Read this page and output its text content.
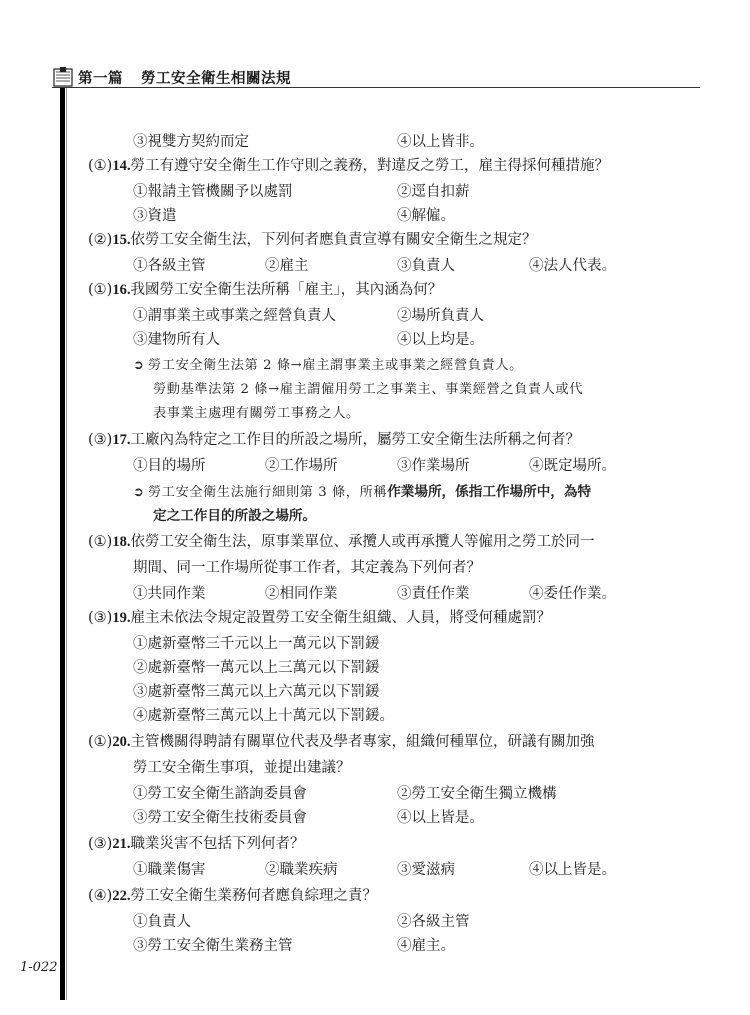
第一篇 勞工安全衛生相關法規
1-022
③視雙方契約而定	④以上皆非。
(①)14.勞工有遵守安全衛生工作守則之義務，對違反之勞工，雇主得採何種措施？
①報請主管機關予以處罰	②逕自扣薪
③資遣	④解僱。
(②)15.依勞工安全衛生法，下列何者應負責宣導有關安全衛生之規定？
①各級主管	②雇主	③負責人	④法人代表。
(①)16.我國勞工安全衛生法所稱「雇主」，其內涵為何？
①謂事業主或事業之經營負責人	②場所負責人
③建物所有人	④以上均是。
➲ 勞工安全衛生法第 2 條→雇主謂事業主或事業之經營負責人。
勞動基準法第 2 條→雇主謂僱用勞工之事業主、事業經營之負責人或代
表事業主處理有關勞工事務之人。
(③)17.工廠內為特定之工作目的所設之場所，屬勞工安全衛生法所稱之何者？
①目的場所	②工作場所	③作業場所	④既定場所。
➲ 勞工安全衛生法施行細則第 3 條，所稱作業場所，係指工作場所中，為特
定之工作目的所設之場所。
(①)18.依勞工安全衛生法，原事業單位、承攬人或再承攬人等僱用之勞工於同一
期間、同一工作場所從事工作者，其定義為下列何者？
①共同作業	②相同作業	③責任作業	④委任作業。
(③)19.雇主未依法令規定設置勞工安全衛生組織、人員，將受何種處罰？
①處新臺幣三千元以上一萬元以下罰鍰
②處新臺幣一萬元以上三萬元以下罰鍰
③處新臺幣三萬元以上六萬元以下罰鍰
④處新臺幣三萬元以上十萬元以下罰鍰。
(①)20.主管機關得聘請有關單位代表及學者專家，組織何種單位，研議有關加強
勞工安全衛生事項，並提出建議？
①勞工安全衛生諮詢委員會	②勞工安全衛生獨立機構
③勞工安全衛生技術委員會	④以上皆是。
(③)21.職業災害不包括下列何者？
①職業傷害	②職業疾病	③愛滋病	④以上皆是。
(④)22.勞工安全衛生業務何者應負綜理之責？
①負責人	②各級主管
③勞工安全衛生業務主管	④雇主。
